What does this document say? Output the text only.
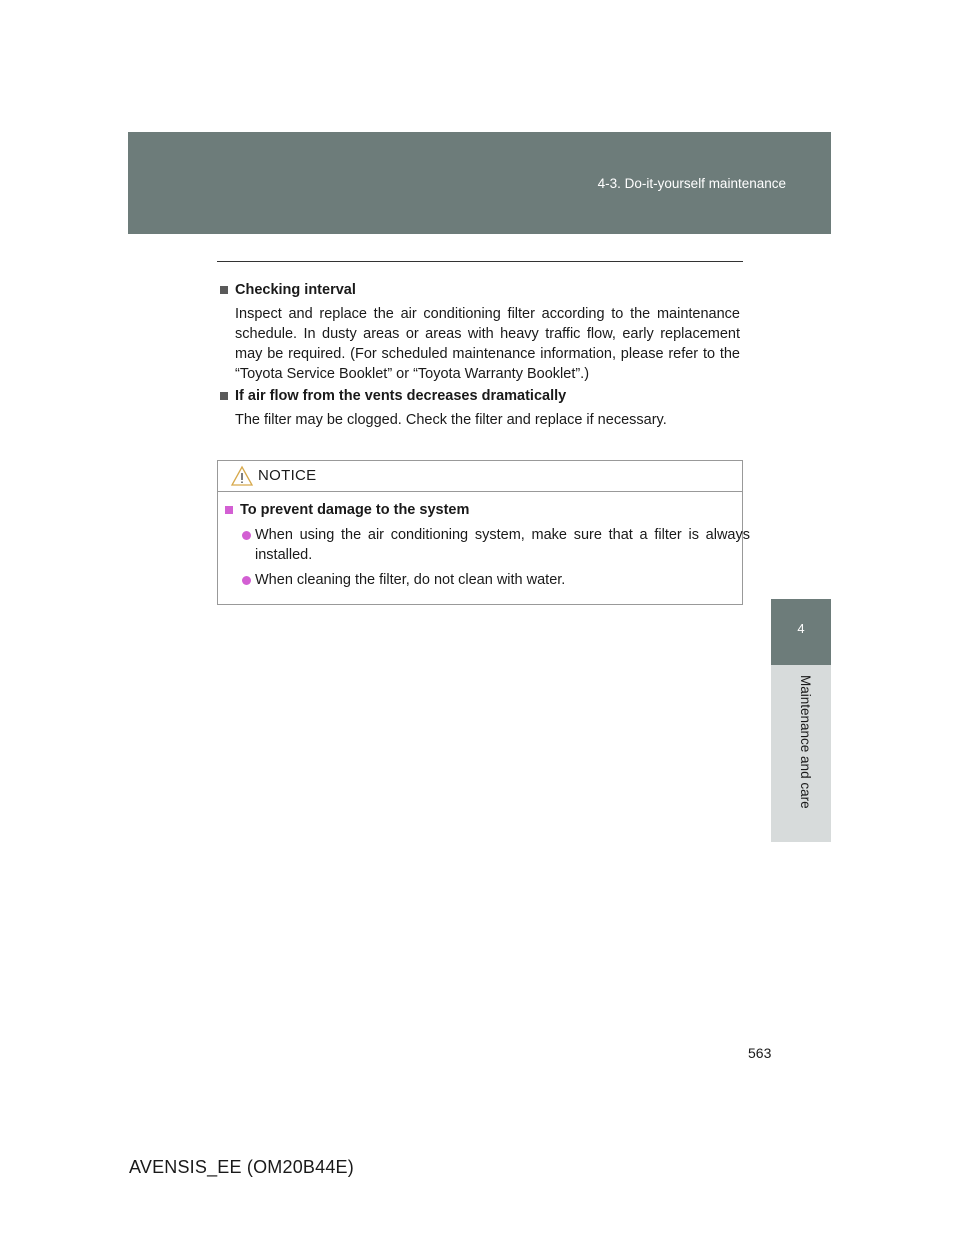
4-3. Do-it-yourself maintenance
4
Maintenance and care
Checking interval
Inspect and replace the air conditioning filter according to the maintenance schedule. In dusty areas or areas with heavy traffic flow, early replacement may be required. (For scheduled maintenance information, please refer to the “Toyota Service Booklet” or “Toyota Warranty Booklet”.)
If air flow from the vents decreases dramatically
The filter may be clogged. Check the filter and replace if necessary.
NOTICE
To prevent damage to the system
When using the air conditioning system, make sure that a filter is always installed.
When cleaning the filter, do not clean with water.
563
AVENSIS_EE (OM20B44E)
